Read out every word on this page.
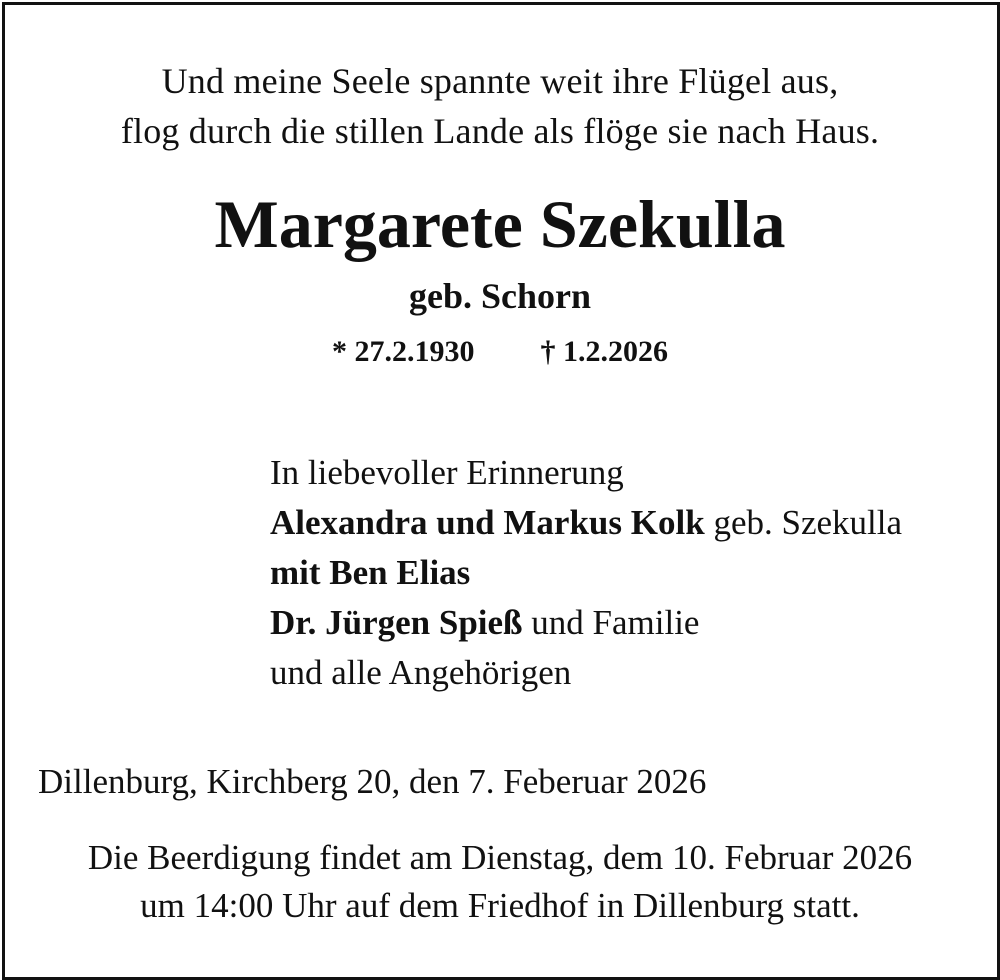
Und meine Seele spannte weit ihre Flügel aus,
flog durch die stillen Lande als flöge sie nach Haus.
Margarete Szekulla
geb. Schorn
* 27.2.1930 † 1.2.2026
In liebevoller Erinnerung
Alexandra und Markus Kolk geb. Szekulla
mit Ben Elias
Dr. Jürgen Spieß und Familie
und alle Angehörigen
Dillenburg, Kirchberg 20, den 7. Feberuar 2026
Die Beerdigung findet am Dienstag, dem 10. Februar 2026
um 14:00 Uhr auf dem Friedhof in Dillenburg statt.
